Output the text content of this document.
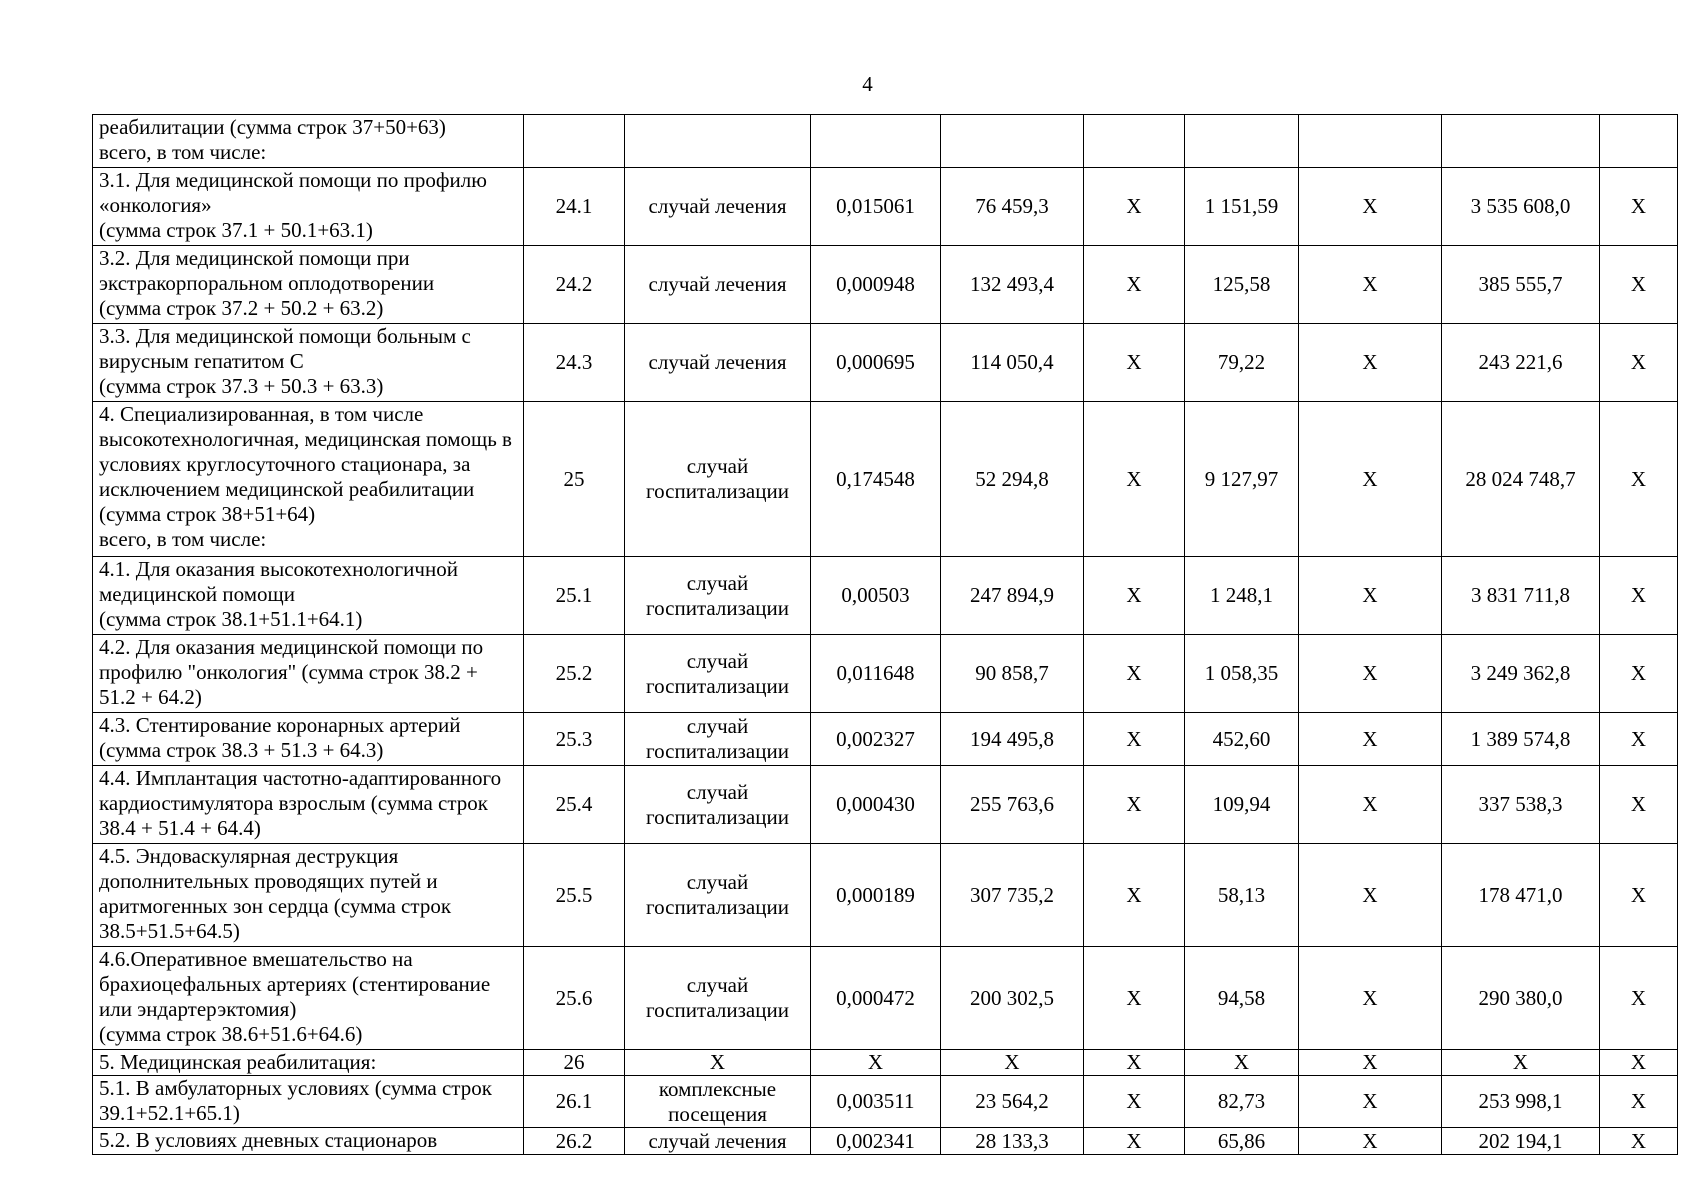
4
реабилитации (сумма строк 37+50+63)
всего, в том числе:									
3.1. Для медицинской помощи по профилю «онкология»
(сумма строк 37.1 + 50.1+63.1)	24.1	случай лечения	0,015061	76 459,3	X	1 151,59	X	3 535 608,0	X
3.2. Для медицинской помощи при экстракорпоральном оплодотворении
(сумма строк 37.2 + 50.2 + 63.2)	24.2	случай лечения	0,000948	132 493,4	X	125,58	X	385 555,7	X
3.3. Для медицинской помощи больным с вирусным гепатитом С
(сумма строк 37.3 + 50.3 + 63.3)	24.3	случай лечения	0,000695	114 050,4	X	79,22	X	243 221,6	X
4. Специализированная, в том числе высокотехнологичная, медицинская помощь в условиях круглосуточного стационара, за исключением медицинской реабилитации (сумма строк 38+51+64)
всего, в том числе:	25	случай госпитализации	0,174548	52 294,8	X	9 127,97	X	28 024 748,7	X
4.1. Для оказания высокотехнологичной медицинской помощи
(сумма строк 38.1+51.1+64.1)	25.1	случай госпитализации	0,00503	247 894,9	X	1 248,1	X	3 831 711,8	X
4.2. Для оказания медицинской помощи по профилю "онкология" (сумма строк 38.2 + 51.2 + 64.2)	25.2	случай госпитализации	0,011648	90 858,7	X	1 058,35	X	3 249 362,8	X
4.3. Стентирование коронарных артерий (сумма строк 38.3 + 51.3 + 64.3)	25.3	случай госпитализации	0,002327	194 495,8	X	452,60	X	1 389 574,8	X
4.4. Имплантация частотно-адаптированного кардиостимулятора взрослым (сумма строк 38.4 + 51.4 + 64.4)	25.4	случай госпитализации	0,000430	255 763,6	X	109,94	X	337 538,3	X
4.5. Эндоваскулярная деструкция дополнительных проводящих путей и аритмогенных зон сердца (сумма строк 38.5+51.5+64.5)	25.5	случай госпитализации	0,000189	307 735,2	X	58,13	X	178 471,0	X
4.6.Оперативное вмешательство на брахиоцефальных артериях (стентирование или эндартерэктомия)
(сумма строк 38.6+51.6+64.6)	25.6	случай госпитализации	0,000472	200 302,5	X	94,58	X	290 380,0	X
5. Медицинская реабилитация:	26	X	X	X	X	X	X	X	X
5.1. В амбулаторных условиях (сумма строк 39.1+52.1+65.1)	26.1	комплексные посещения	0,003511	23 564,2	X	82,73	X	253 998,1	X
5.2. В условиях дневных стационаров	26.2	случай лечения	0,002341	28 133,3	X	65,86	X	202 194,1	X
